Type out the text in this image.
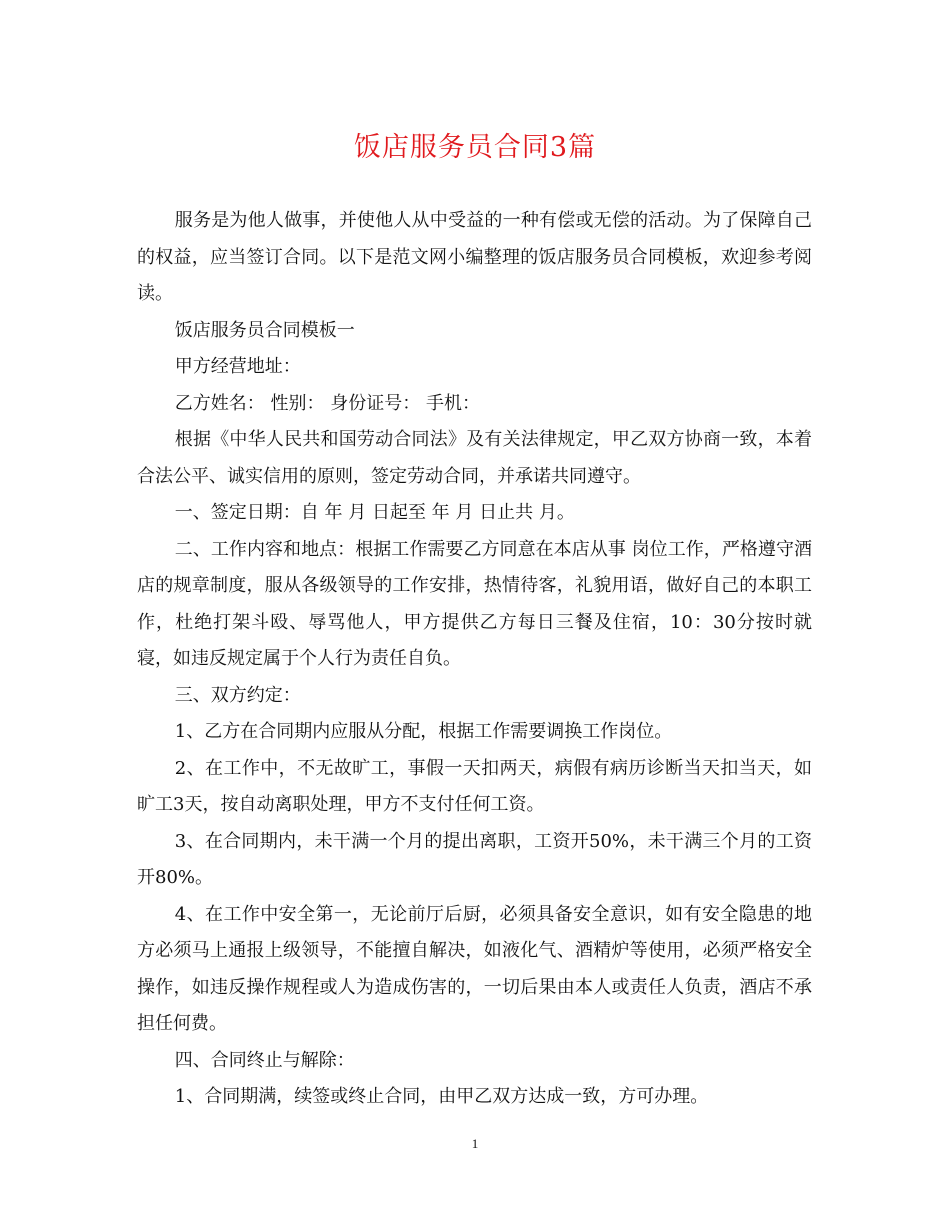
饭店服务员合同3篇

服务是为他人做事，并使他人从中受益的一种有偿或无偿的活动。为了保障自己的权益，应当签订合同。以下是范文网小编整理的饭店服务员合同模板，欢迎参考阅读。

饭店服务员合同模板一

甲方经营地址：

乙方姓名： 性别： 身份证号： 手机：

根据《中华人民共和国劳动合同法》及有关法律规定，甲乙双方协商一致，本着合法公平、诚实信用的原则，签定劳动合同，并承诺共同遵守。

一、签定日期：自 年 月 日起至 年 月 日止共 月。

二、工作内容和地点：根据工作需要乙方同意在本店从事 岗位工作，严格遵守酒店的规章制度，服从各级领导的工作安排，热情待客，礼貌用语，做好自己的本职工作，杜绝打架斗殴、辱骂他人，甲方提供乙方每日三餐及住宿，10：30分按时就寝，如违反规定属于个人行为责任自负。

三、双方约定：

1、乙方在合同期内应服从分配，根据工作需要调换工作岗位。

2、在工作中，不无故旷工，事假一天扣两天，病假有病历诊断当天扣当天，如旷工3天，按自动离职处理，甲方不支付任何工资。

3、在合同期内，未干满一个月的提出离职，工资开50%，未干满三个月的工资开80%。

4、在工作中安全第一，无论前厅后厨，必须具备安全意识，如有安全隐患的地方必须马上通报上级领导，不能擅自解决，如液化气、酒精炉等使用，必须严格安全操作，如违反操作规程或人为造成伤害的，一切后果由本人或责任人负责，酒店不承担任何费。

四、合同终止与解除：

1、合同期满，续签或终止合同，由甲乙双方达成一致，方可办理。

1
